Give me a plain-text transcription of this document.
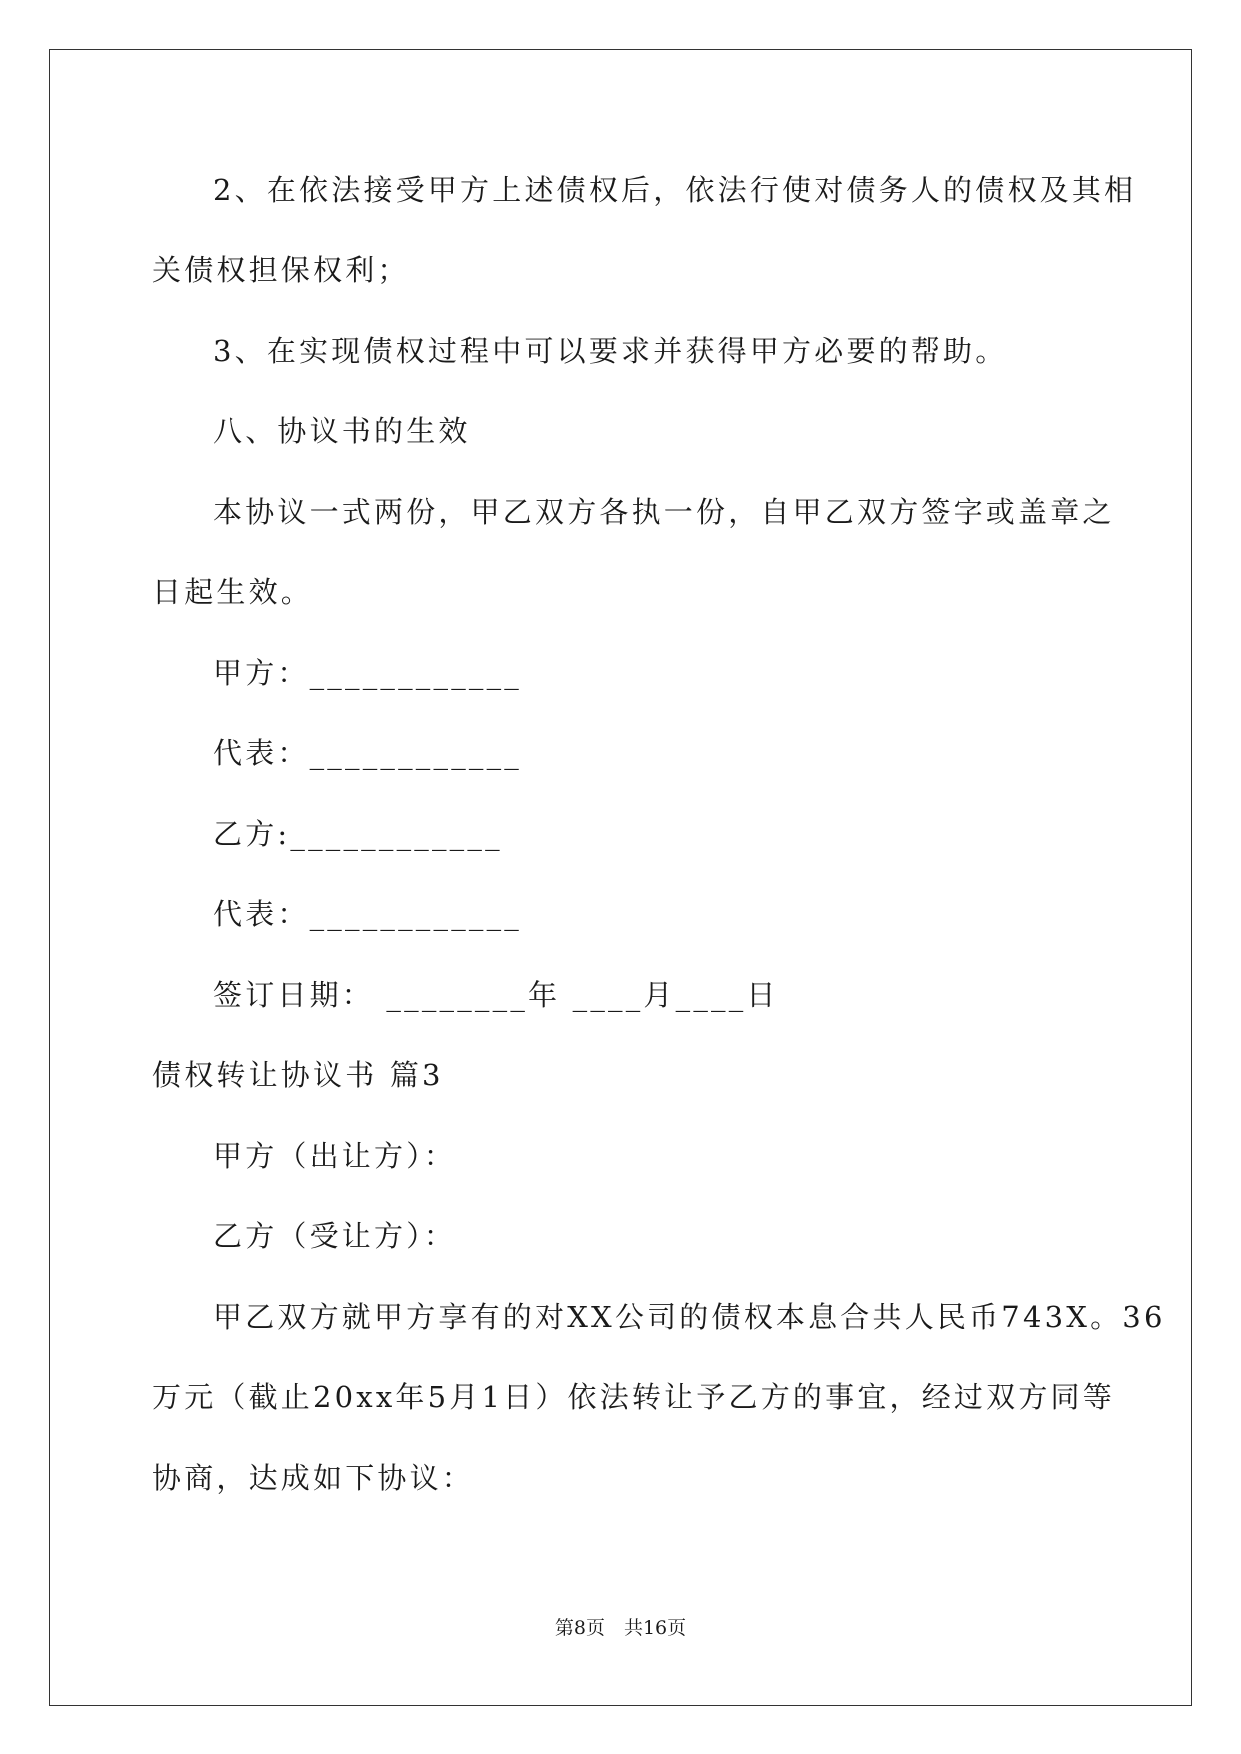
2、在依法接受甲方上述债权后，依法行使对债务人的债权及其相
关债权担保权利；
3、在实现债权过程中可以要求并获得甲方必要的帮助。
八、协议书的生效
本协议一式两份，甲乙双方各执一份，自甲乙双方签字或盖章之
日起生效。
甲方：____________
代表：____________
乙方:____________
代表：____________
签订日期： ________年 ____月____日
债权转让协议书 篇3
甲方（出让方）：
乙方（受让方）：
甲乙双方就甲方享有的对XX公司的债权本息合共人民币743X。36
万元（截止20xx年5月1日）依法转让予乙方的事宜，经过双方同等
协商，达成如下协议：
第8页　共16页
